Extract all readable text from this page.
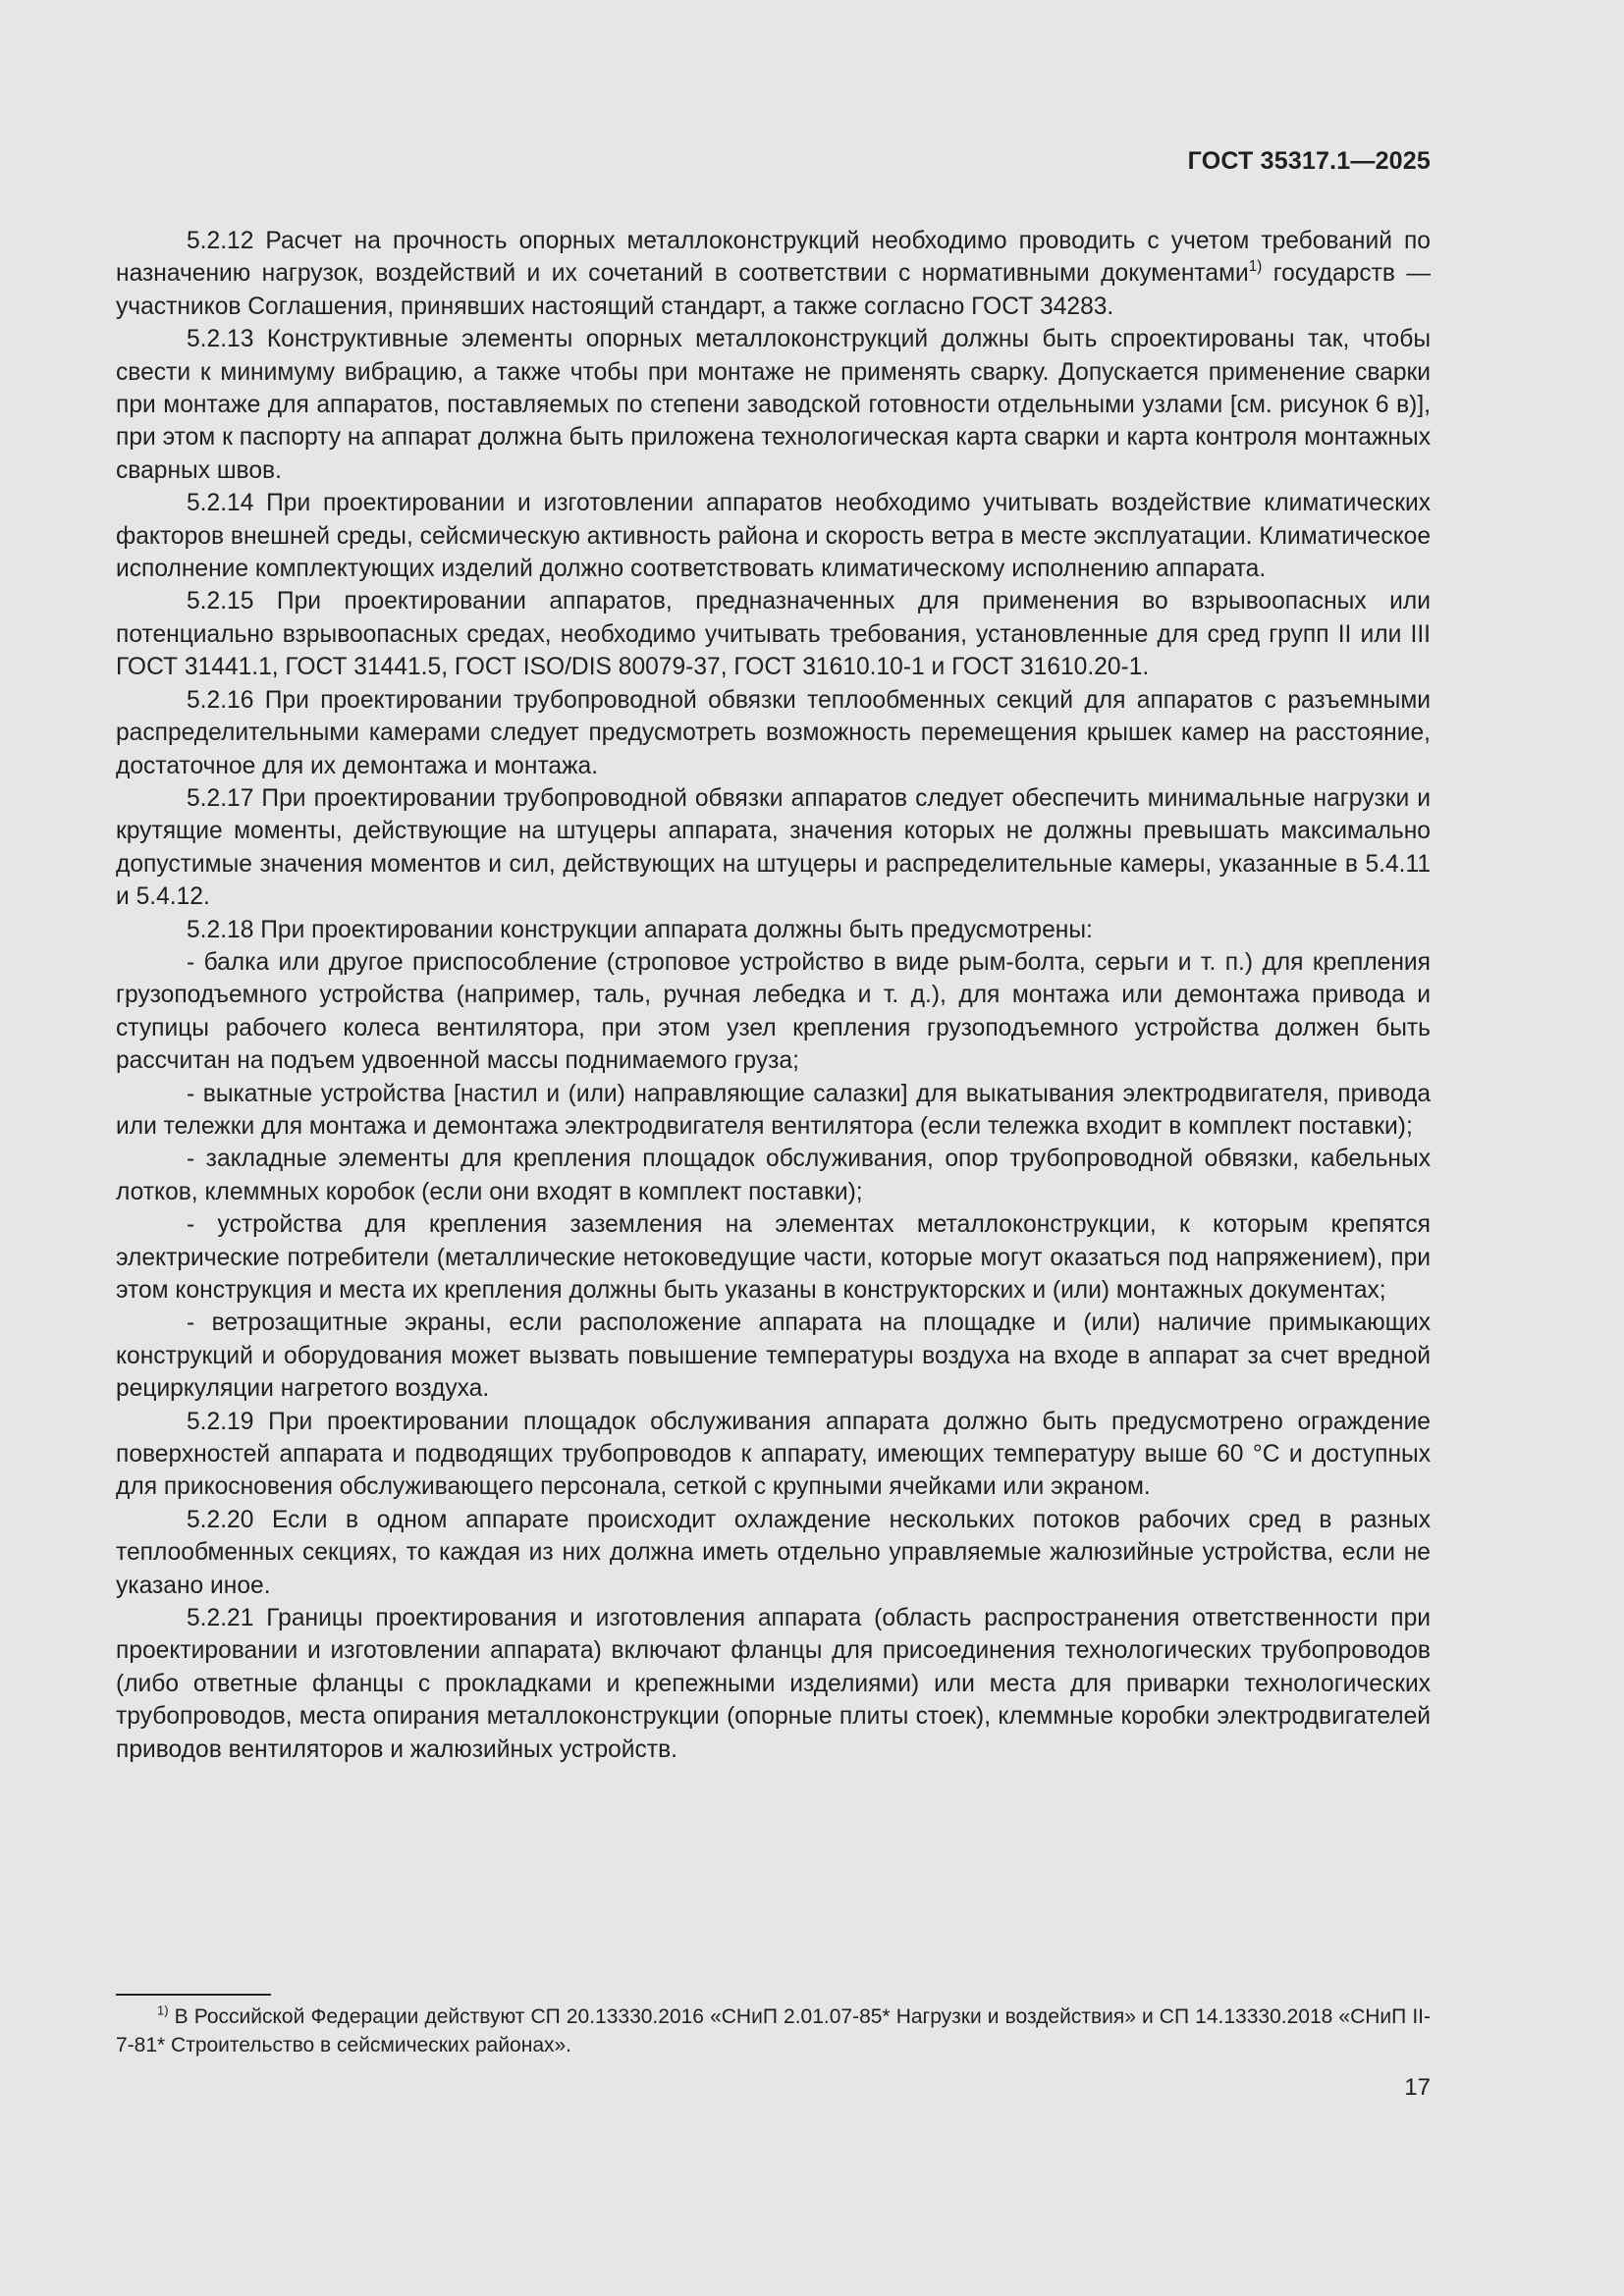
ГОСТ 35317.1—2025

5.2.12 Расчет на прочность опорных металлоконструкций необходимо проводить с учетом требований по назначению нагрузок, воздействий и их сочетаний в соответствии с нормативными документами$^{1)}$ государств — участников Соглашения, принявших настоящий стандарт, а также согласно ГОСТ 34283.

5.2.13 Конструктивные элементы опорных металлоконструкций должны быть спроектированы так, чтобы свести к минимуму вибрацию, а также чтобы при монтаже не применять сварку. Допускается применение сварки при монтаже для аппаратов, поставляемых по степени заводской готовности отдельными узлами [см. рисунок 6 в)], при этом к паспорту на аппарат должна быть приложена технологическая карта сварки и карта контроля монтажных сварных швов.

5.2.14 При проектировании и изготовлении аппаратов необходимо учитывать воздействие климатических факторов внешней среды, сейсмическую активность района и скорость ветра в месте эксплуатации. Климатическое исполнение комплектующих изделий должно соответствовать климатическому исполнению аппарата.

5.2.15 При проектировании аппаратов, предназначенных для применения во взрывоопасных или потенциально взрывоопасных средах, необходимо учитывать требования, установленные для сред групп II или III ГОСТ 31441.1, ГОСТ 31441.5, ГОСТ ISO/DIS 80079-37, ГОСТ 31610.10-1 и ГОСТ 31610.20-1.

5.2.16 При проектировании трубопроводной обвязки теплообменных секций для аппаратов с разъемными распределительными камерами следует предусмотреть возможность перемещения крышек камер на расстояние, достаточное для их демонтажа и монтажа.

5.2.17 При проектировании трубопроводной обвязки аппаратов следует обеспечить минимальные нагрузки и крутящие моменты, действующие на штуцеры аппарата, значения которых не должны превышать максимально допустимые значения моментов и сил, действующих на штуцеры и распределительные камеры, указанные в 5.4.11 и 5.4.12.

5.2.18 При проектировании конструкции аппарата должны быть предусмотрены:

- балка или другое приспособление (строповое устройство в виде рым-болта, серьги и т. п.) для крепления грузоподъемного устройства (например, таль, ручная лебедка и т. д.), для монтажа или демонтажа привода и ступицы рабочего колеса вентилятора, при этом узел крепления грузоподъемного устройства должен быть рассчитан на подъем удвоенной массы поднимаемого груза;

- выкатные устройства [настил и (или) направляющие салазки] для выкатывания электродвигателя, привода или тележки для монтажа и демонтажа электродвигателя вентилятора (если тележка входит в комплект поставки);

- закладные элементы для крепления площадок обслуживания, опор трубопроводной обвязки, кабельных лотков, клеммных коробок (если они входят в комплект поставки);

- устройства для крепления заземления на элементах металлоконструкции, к которым крепятся электрические потребители (металлические нетоковедущие части, которые могут оказаться под напряжением), при этом конструкция и места их крепления должны быть указаны в конструкторских и (или) монтажных документах;

- ветрозащитные экраны, если расположение аппарата на площадке и (или) наличие примыкающих конструкций и оборудования может вызвать повышение температуры воздуха на входе в аппарат за счет вредной рециркуляции нагретого воздуха.

5.2.19 При проектировании площадок обслуживания аппарата должно быть предусмотрено ограждение поверхностей аппарата и подводящих трубопроводов к аппарату, имеющих температуру выше 60 °С и доступных для прикосновения обслуживающего персонала, сеткой с крупными ячейками или экраном.

5.2.20 Если в одном аппарате происходит охлаждение нескольких потоков рабочих сред в разных теплообменных секциях, то каждая из них должна иметь отдельно управляемые жалюзийные устройства, если не указано иное.

5.2.21 Границы проектирования и изготовления аппарата (область распространения ответственности при проектировании и изготовлении аппарата) включают фланцы для присоединения технологических трубопроводов (либо ответные фланцы с прокладками и крепежными изделиями) или места для приварки технологических трубопроводов, места опирания металлоконструкции (опорные плиты стоек), клеммные коробки электродвигателей приводов вентиляторов и жалюзийных устройств.

$^{1)}$ В Российской Федерации действуют СП 20.13330.2016 «СНиП 2.01.07-85* Нагрузки и воздействия» и СП 14.13330.2018 «СНиП II-7-81* Строительство в сейсмических районах».
17
